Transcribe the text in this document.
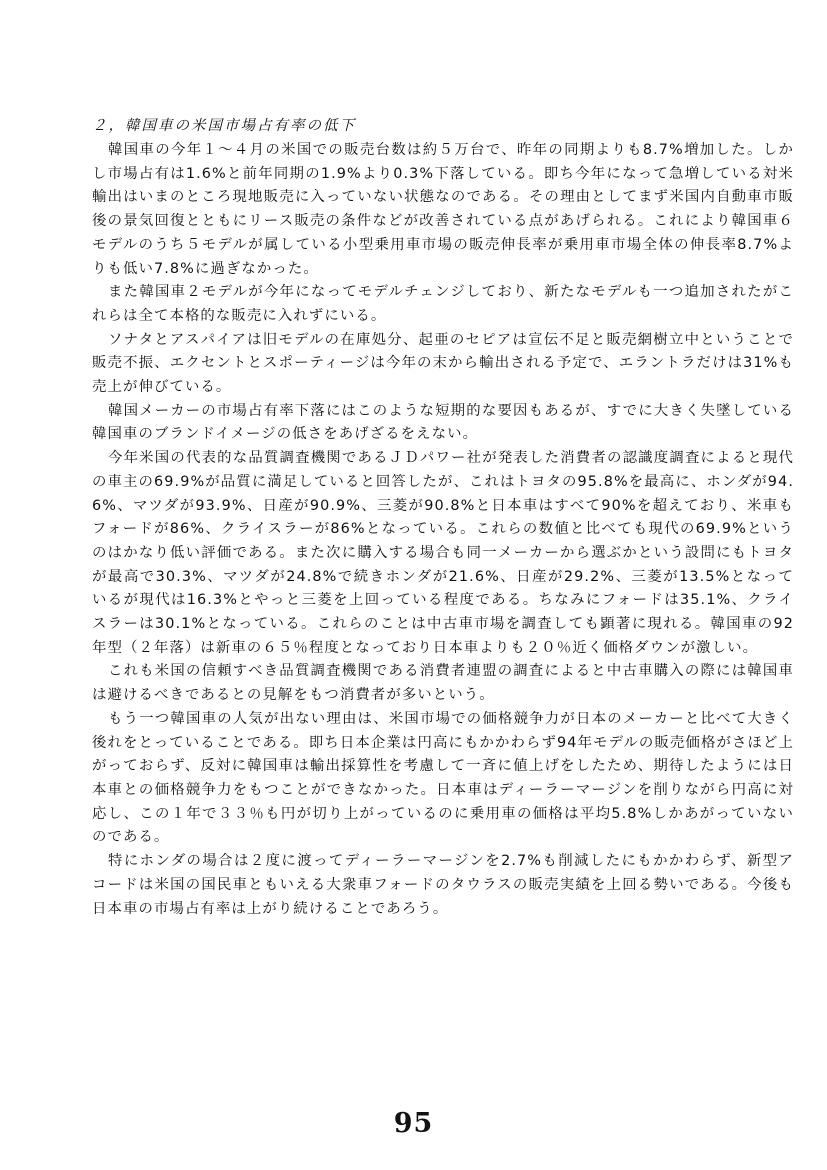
２，韓国車の米国市場占有率の低下

韓国車の今年１～４月の米国での販売台数は約５万台で、昨年の同期よりも8.7%増加した。しかし市場占有は1.6%と前年同期の1.9%より0.3%下落している。即ち今年になって急増している対米輸出はいまのところ現地販売に入っていない状態なのである。その理由としてまず米国内自動車市販後の景気回復とともにリース販売の条件などが改善されている点があげられる。これにより韓国車６モデルのうち５モデルが属している小型乗用車市場の販売伸長率が乗用車市場全体の伸長率8.7%よりも低い7.8%に過ぎなかった。

また韓国車２モデルが今年になってモデルチェンジしており、新たなモデルも一つ追加されたがこれらは全て本格的な販売に入れずにいる。

ソナタとアスパイアは旧モデルの在庫処分、起亜のセピアは宣伝不足と販売網樹立中ということで販売不振、エクセントとスポーティージは今年の末から輸出される予定で、エラントラだけは31%も売上が伸びている。

韓国メーカーの市場占有率下落にはこのような短期的な要因もあるが、すでに大きく失墜している韓国車のブランドイメージの低さをあげざるをえない。

今年米国の代表的な品質調査機関であるＪＤパワー社が発表した消費者の認識度調査によると現代の車主の69.9%が品質に満足していると回答したが、これはトヨタの95.8%を最高に、ホンダが94.6%、マツダが93.9%、日産が90.9%、三菱が90.8%と日本車はすべて90%を超えており、米車もフォードが86%、クライスラーが86%となっている。これらの数値と比べても現代の69.9%というのはかなり低い評価である。また次に購入する場合も同一メーカーから選ぶかという設問にもトヨタが最高で30.3%、マツダが24.8%で続きホンダが21.6%、日産が29.2%、三菱が13.5%となっているが現代は16.3%とやっと三菱を上回っている程度である。ちなみにフォードは35.1%、クライスラーは30.1%となっている。これらのことは中古車市場を調査しても顕著に現れる。韓国車の92年型（２年落）は新車の６５％程度となっており日本車よりも２０％近く価格ダウンが激しい。

これも米国の信頼すべき品質調査機関である消費者連盟の調査によると中古車購入の際には韓国車は避けるべきであるとの見解をもつ消費者が多いという。

もう一つ韓国車の人気が出ない理由は、米国市場での価格競争力が日本のメーカーと比べて大きく後れをとっていることである。即ち日本企業は円高にもかかわらず94年モデルの販売価格がさほど上がっておらず、反対に韓国車は輸出採算性を考慮して一斉に値上げをしたため、期待したようには日本車との価格競争力をもつことができなかった。日本車はディーラーマージンを削りながら円高に対応し、この１年で３３％も円が切り上がっているのに乗用車の価格は平均5.8%しかあがっていないのである。

特にホンダの場合は２度に渡ってディーラーマージンを2.7%も削減したにもかかわらず、新型アコードは米国の国民車ともいえる大衆車フォードのタウラスの販売実績を上回る勢いである。今後も日本車の市場占有率は上がり続けることであろう。

95
